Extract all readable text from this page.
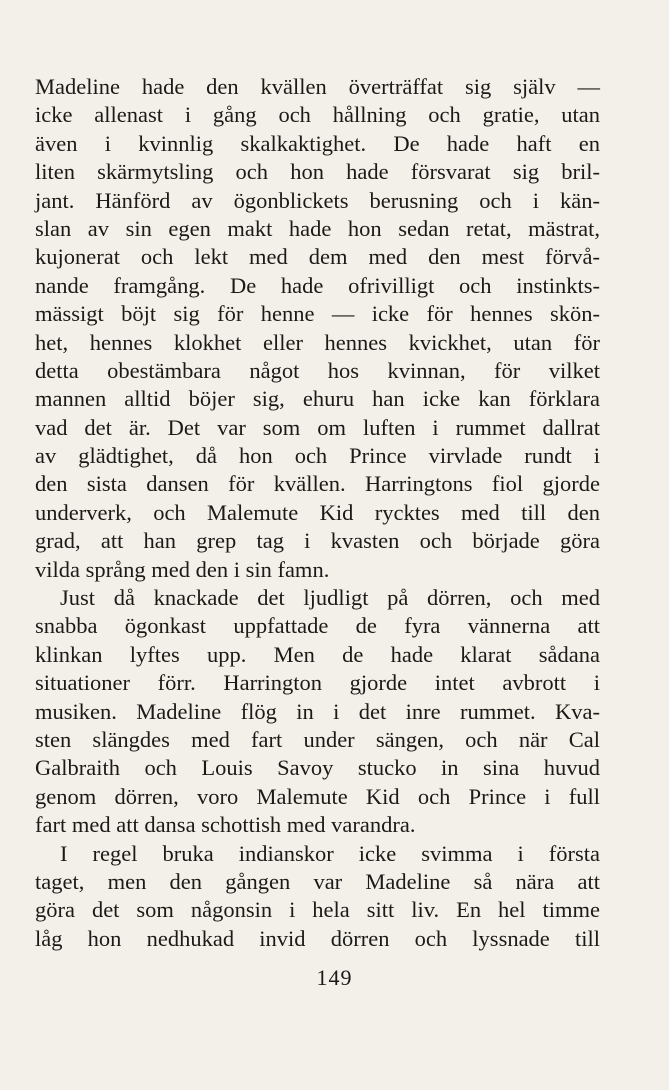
Madeline hade den kvällen överträffat sig själv —
icke allenast i gång och hållning och gratie, utan
även i kvinnlig skalkaktighet. De hade haft en
liten skärmytsling och hon hade försvarat sig bril-
jant. Hänförd av ögonblickets berusning och i kän-
slan av sin egen makt hade hon sedan retat, mästrat,
kujonerat och lekt med dem med den mest förvå-
nande framgång. De hade ofrivilligt och instinkts-
mässigt böjt sig för henne — icke för hennes skön-
het, hennes klokhet eller hennes kvickhet, utan för
detta obestämbara något hos kvinnan, för vilket
mannen alltid böjer sig, ehuru han icke kan förklara
vad det är. Det var som om luften i rummet dallrat
av glädtighet, då hon och Prince virvlade rundt i
den sista dansen för kvällen. Harringtons fiol gjorde
underverk, och Malemute Kid rycktes med till den
grad, att han grep tag i kvasten och började göra
vilda språng med den i sin famn.
Just då knackade det ljudligt på dörren, och med
snabba ögonkast uppfattade de fyra vännerna att
klinkan lyftes upp. Men de hade klarat sådana
situationer förr. Harrington gjorde intet avbrott i
musiken. Madeline flög in i det inre rummet. Kva-
sten slängdes med fart under sängen, och när Cal
Galbraith och Louis Savoy stucko in sina huvud
genom dörren, voro Malemute Kid och Prince i full
fart med att dansa schottish med varandra.
I regel bruka indianskor icke svimma i första
taget, men den gången var Madeline så nära att
göra det som någonsin i hela sitt liv. En hel timme
låg hon nedhukad invid dörren och lyssnade till
149
